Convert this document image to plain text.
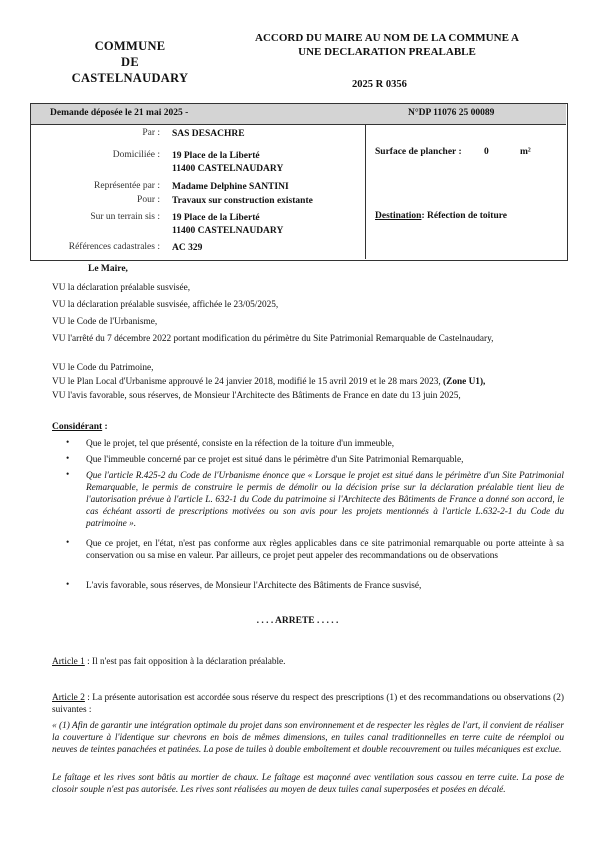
COMMUNE
DE
CASTELNAUDARY
ACCORD DU MAIRE AU NOM DE LA COMMUNE A
UNE DECLARATION PREALABLE
2025 R 0356
Demande déposée le 21 mai 2025 -	N°DP 11076 25 00089
Par : SAS DESACHRE
Domiciliée : 19 Place de la Liberté
11400 CASTELNAUDARY
Représentée par : Madame Delphine SANTINI
Pour : Travaux sur construction existante
Sur un terrain sis : 19 Place de la Liberté
11400 CASTELNAUDARY
Références cadastrales : AC 329
Surface de plancher : 0	m²
Destination: Réfection de toiture
Le Maire,
VU la déclaration préalable susvisée,
VU la déclaration préalable susvisée, affichée le 23/05/2025,
VU le Code de l'Urbanisme,
VU l'arrêté du 7 décembre 2022 portant modification du périmètre du Site Patrimonial Remarquable de Castelnaudary,
VU le Code du Patrimoine,
VU le Plan Local d'Urbanisme approuvé le 24 janvier 2018, modifié le 15 avril 2019 et le 28 mars 2023, (Zone U1),
VU l'avis favorable, sous réserves, de Monsieur l'Architecte des Bâtiments de France en date du 13 juin 2025,
Considérant :
• Que le projet, tel que présenté, consiste en la réfection de la toiture d'un immeuble,
• Que l'immeuble concerné par ce projet est situé dans le périmètre d'un Site Patrimonial Remarquable,
• Que l'article R.425-2 du Code de l'Urbanisme énonce que « Lorsque le projet est situé dans le périmètre d'un Site Patrimonial Remarquable, le permis de construire le permis de démolir ou la décision prise sur la déclaration préalable tient lieu de l'autorisation prévue à l'article L. 632-1 du Code du patrimoine si l'Architecte des Bâtiments de France a donné son accord, le cas échéant assorti de prescriptions motivées ou son avis pour les projets mentionnés à l'article L.632-2-1 du Code du patrimoine ».
• Que ce projet, en l'état, n'est pas conforme aux règles applicables dans ce site patrimonial remarquable ou porte atteinte à sa conservation ou sa mise en valeur. Par ailleurs, ce projet peut appeler des recommandations ou de observations
• L'avis favorable, sous réserves, de Monsieur l'Architecte des Bâtiments de France susvisé,
. . . . ARRETE . . . . .
Article 1 : Il n'est pas fait opposition à la déclaration préalable.
Article 2 : La présente autorisation est accordée sous réserve du respect des prescriptions (1) et des recommandations ou observations (2) suivantes :
« (1) Afin de garantir une intégration optimale du projet dans son environnement et de respecter les règles de l'art, il convient de réaliser la couverture à l'identique sur chevrons en bois de mêmes dimensions, en tuiles canal traditionnelles en terre cuite de réemploi ou neuves de teintes panachées et patinées. La pose de tuiles à double emboîtement et double recouvrement ou tuiles mécaniques est exclue.
Le faîtage et les rives sont bâtis au mortier de chaux. Le faîtage est maçonné avec ventilation sous cassou en terre cuite. La pose de closoir souple n'est pas autorisée. Les rives sont réalisées au moyen de deux tuiles canal superposées et posées en décalé.
